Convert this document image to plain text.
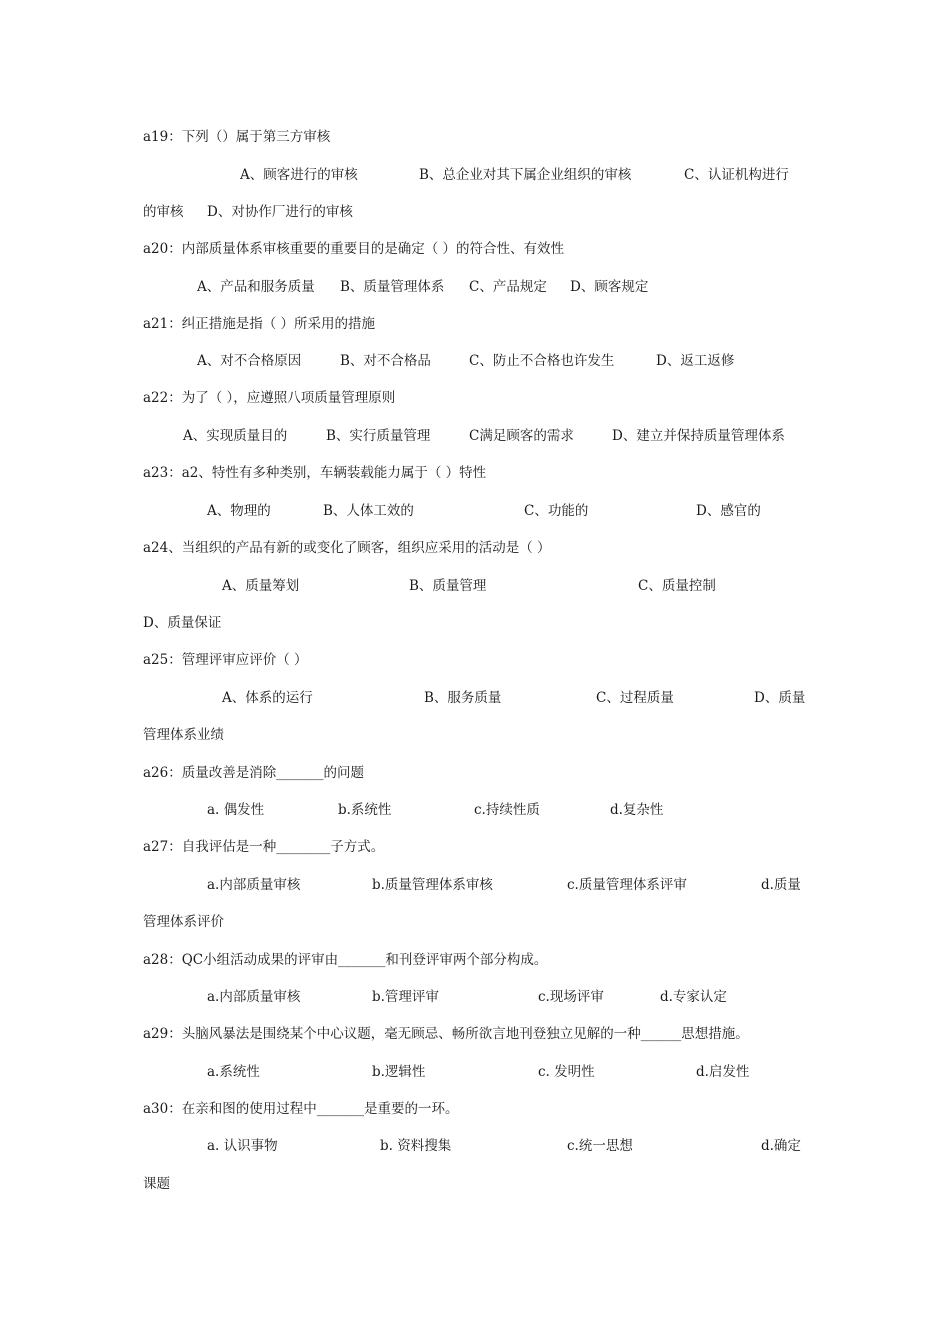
a19：下列（）属于第三方审核
A、顾客进行的审核	B、总企业对其下属企业组织的审核	C、认证机构进行
的审核 D、对协作厂进行的审核
a20：内部质量体系审核重要的重要目的是确定（ ）的符合性、有效性
A、产品和服务质量 B、质量管理体系 C、产品规定 D、顾客规定
a21：纠正措施是指（ ）所采用的措施
A、对不合格原因	B、对不合格品	C、防止不合格也许发生	D、返工返修
a22：为了（ ），应遵照八项质量管理原则
A、实现质量目的	B、实行质量管理	C满足顾客的需求	D、建立并保持质量管理体系
a23：a2、特性有多种类别，车辆装载能力属于（ ）特性
A、物理的	B、人体工效的	C、功能的	D、感官的
a24、当组织的产品有新的或变化了顾客，组织应采用的活动是（ ）
A、质量筹划	B、质量管理	C、质量控制
D、质量保证
a25：管理评审应评价（ ）
A、体系的运行	B、服务质量	C、过程质量	D、质量
管理体系业绩
a26：质量改善是消除_______的问题
a. 偶发性	b.系统性	c.持续性质	d.复杂性
a27：自我评估是一种________子方式。
a.内部质量审核	b.质量管理体系审核	c.质量管理体系评审	d.质量
管理体系评价
a28：QC小组活动成果的评审由_______和刊登评审两个部分构成。
a.内部质量审核	b.管理评审	c.现场评审	d.专家认定
a29：头脑风暴法是围绕某个中心议题，毫无顾忌、畅所欲言地刊登独立见解的一种______思想措施。
a.系统性	b.逻辑性	c. 发明性	d.启发性
a30：在亲和图的使用过程中_______是重要的一环。
a. 认识事物	b. 资料搜集	c.统一思想	d.确定
课题
